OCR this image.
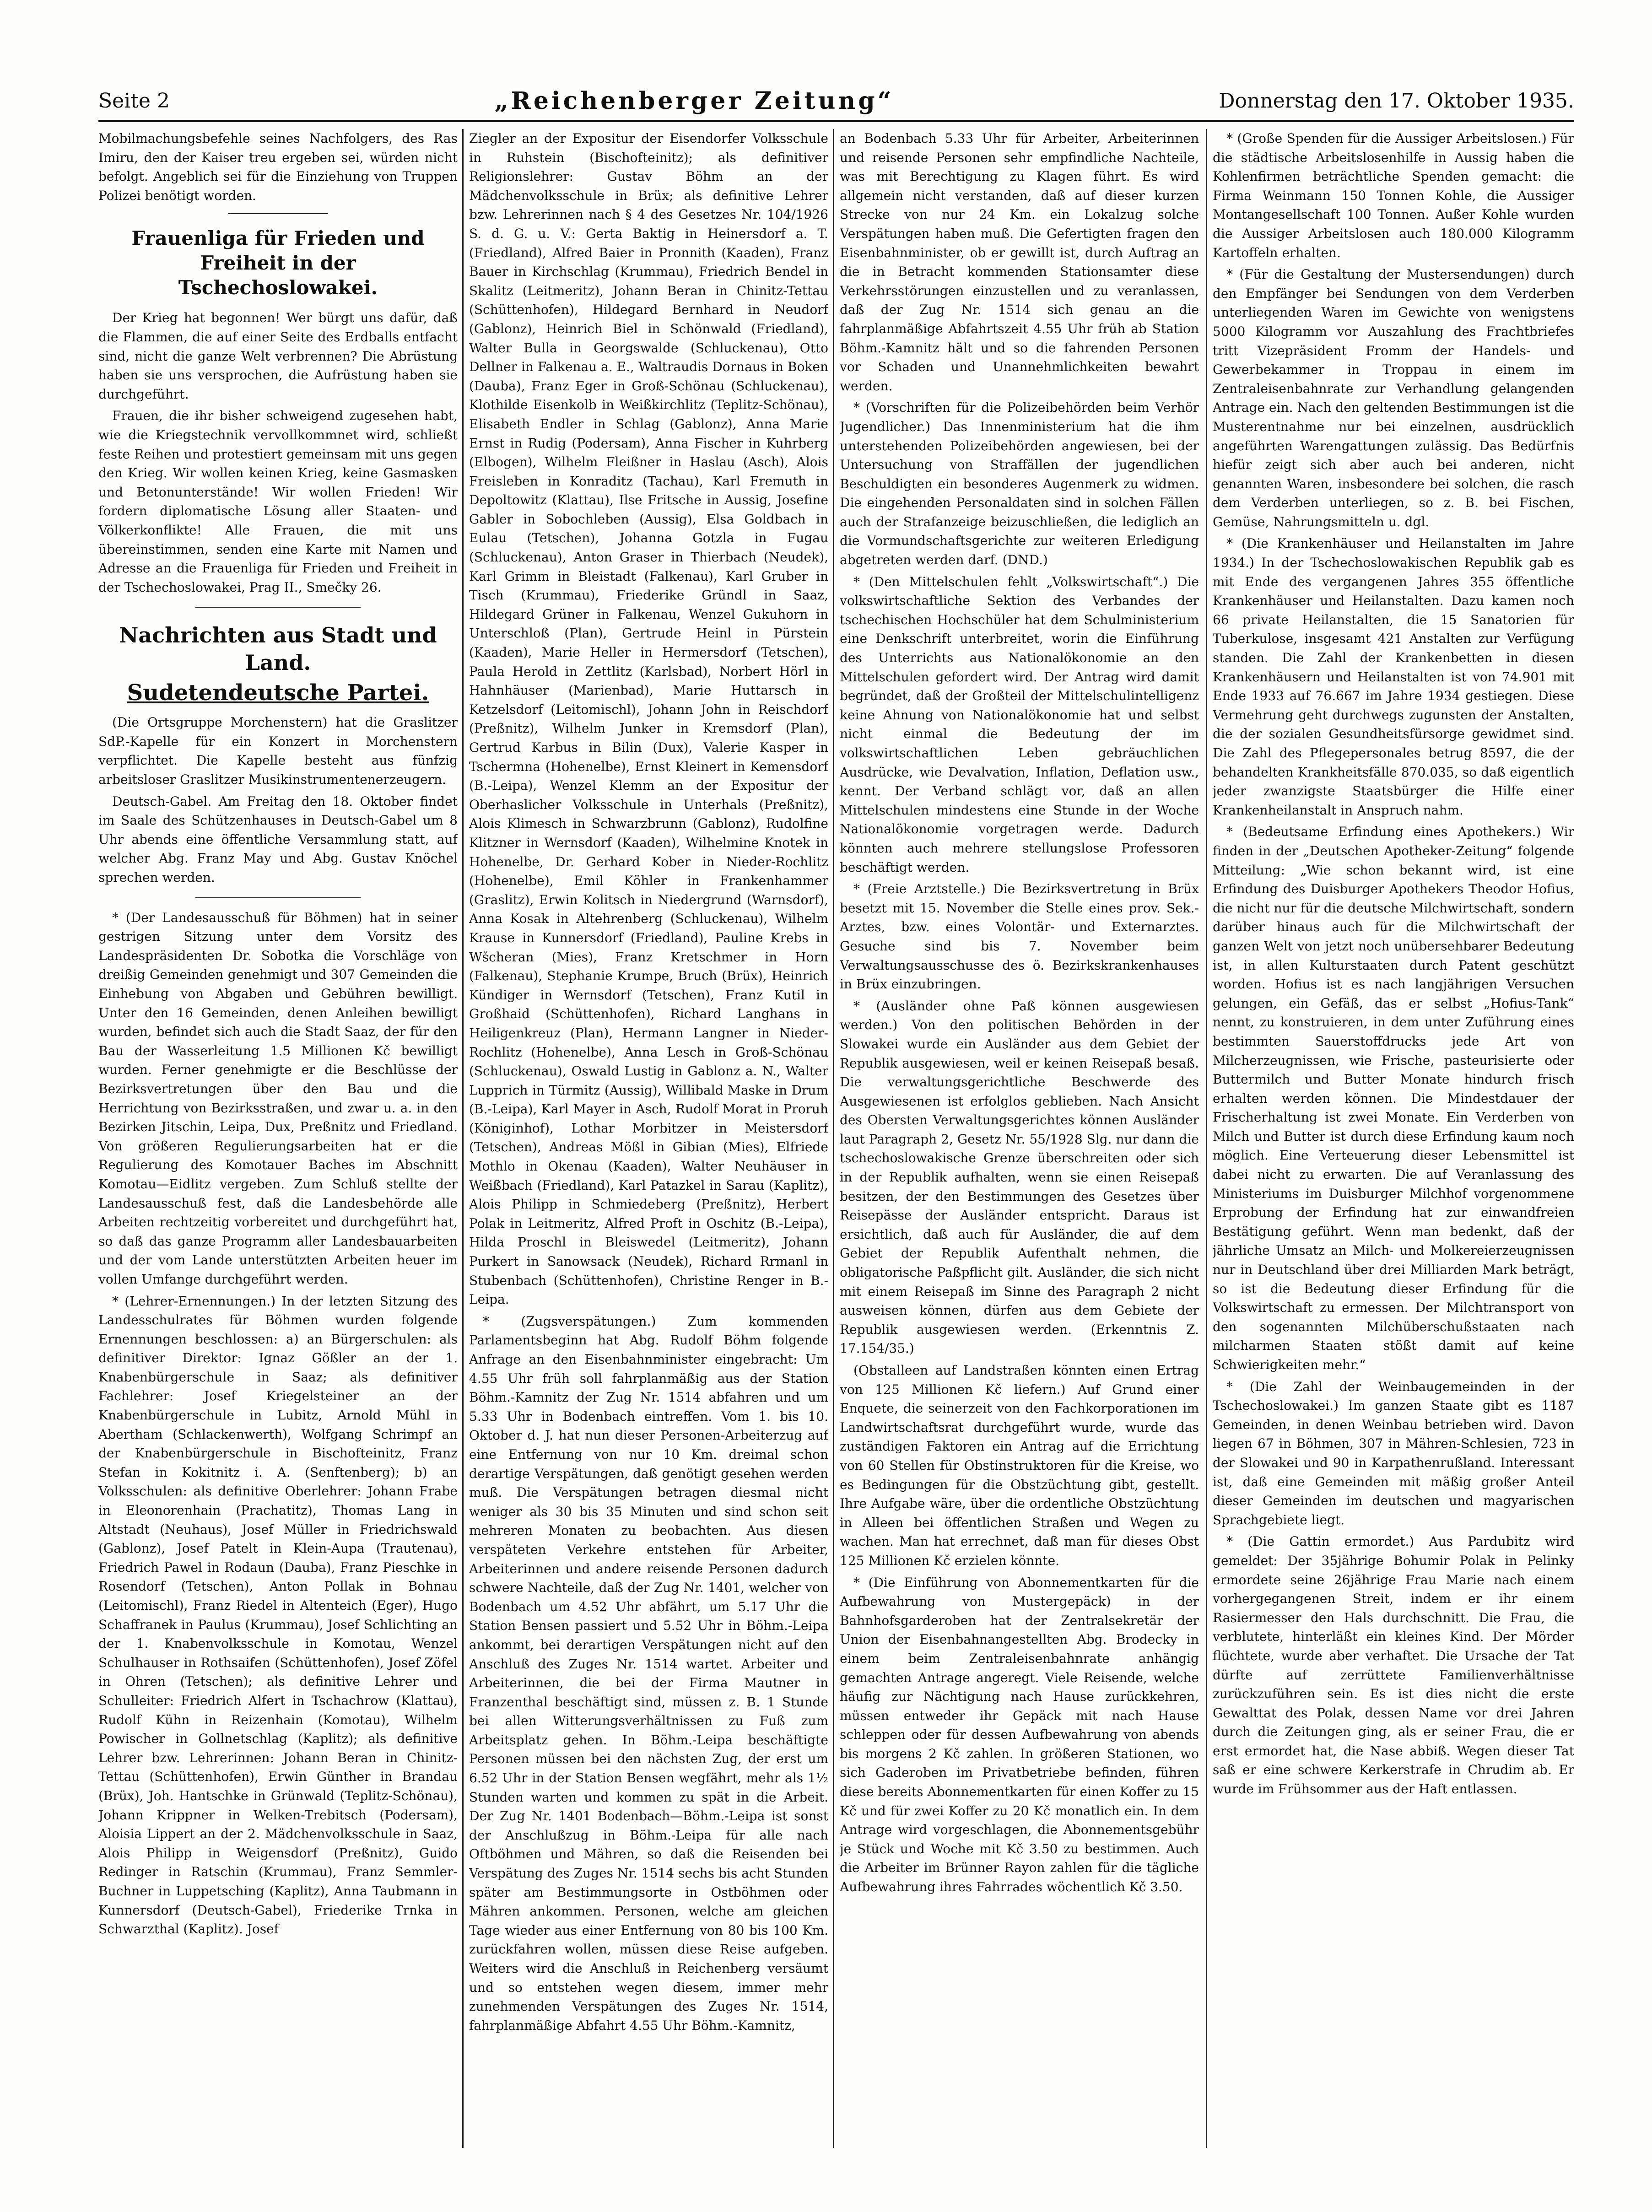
Seite 2	„Reichenberger Zeitung“	Donnerstag den 17. Oktober 1935.

Mobilmachungsbefehle seines Nachfolgers, des Ras Imiru, den der Kaiser treu ergeben sei, würden nicht befolgt. Angeblich sei für die Einziehung von Truppen Polizei benötigt worden.

Frauenliga für Frieden und Freiheit in der Tschechoslowakei.

Der Krieg hat begonnen! Wer bürgt uns dafür, daß die Flammen, die auf einer Seite des Erdballs entfacht sind, nicht die ganze Welt verbrennen? Die Abrüstung haben sie uns versprochen, die Aufrüstung haben sie durchgeführt.

Frauen, die ihr bisher schweigend zugesehen habt, wie die Kriegstechnik vervollkommnet wird, schließt feste Reihen und protestiert gemeinsam mit uns gegen den Krieg. Wir wollen keinen Krieg, keine Gasmasken und Betonunterstände! Wir wollen Frieden! Wir fordern diplomatische Lösung aller Staaten- und Völkerkonflikte! Alle Frauen, die mit uns übereinstimmen, senden eine Karte mit Namen und Adresse an die Frauenliga für Frieden und Freiheit in der Tschechoslowakei, Prag II., Smečky 26.

Nachrichten aus Stadt und Land.
Sudetendeutsche Partei.

(Die Ortsgruppe Morchenstern) hat die Graslitzer SdP.-Kapelle für ein Konzert in Morchenstern verpflichtet. Die Kapelle besteht aus fünfzig arbeitsloser Graslitzer Musikinstrumentenerzeugern.

Deutsch-Gabel. Am Freitag den 18. Oktober findet im Saale des Schützenhauses in Deutsch-Gabel um 8 Uhr abends eine öffentliche Versammlung statt, auf welcher Abg. Franz May und Abg. Gustav Knöchel sprechen werden.

* (Der Landesausschuß für Böhmen) hat in seiner gestrigen Sitzung unter dem Vorsitz des Landespräsidenten Dr. Sobotka die Vorschläge von dreißig Gemeinden genehmigt und 307 Gemeinden die Einhebung von Abgaben und Gebühren bewilligt. Unter den 16 Gemeinden, denen Anleihen bewilligt wurden, befindet sich auch die Stadt Saaz, der für den Bau der Wasserleitung 1.5 Millionen Kč bewilligt wurden. Ferner genehmigte er die Beschlüsse der Bezirksvertretungen über den Bau und die Herrichtung von Bezirksstraßen, und zwar u. a. in den Bezirken Jitschin, Leipa, Dux, Preßnitz und Friedland. Von größeren Regulierungsarbeiten hat er die Regulierung des Komotauer Baches im Abschnitt Komotau—Eidlitz vergeben. Zum Schluß stellte der Landesausschuß fest, daß die Landesbehörde alle Arbeiten rechtzeitig vorbereitet und durchgeführt hat, so daß das ganze Programm aller Landesbauarbeiten und der vom Lande unterstützten Arbeiten heuer im vollen Umfange durchgeführt werden.

* (Lehrer-Ernennungen.) In der letzten Sitzung des Landesschulrates für Böhmen wurden folgende Ernennungen beschlossen: a) an Bürgerschulen: als definitiver Direktor: Ignaz Gößler an der 1. Knabenbürgerschule in Saaz; als definitiver Fachlehrer: Josef Kriegelsteiner an der Knabenbürgerschule in Lubitz, Arnold Mühl in Abertham (Schlackenwerth), Wolfgang Schrimpf an der Knabenbürgerschule in Bischofteinitz, Franz Stefan in Kokitnitz i. A. (Senftenberg); b) an Volksschulen: als definitive Oberlehrer: Johann Frabe in Eleonorenhain (Prachatitz), Thomas Lang in Altstadt (Neuhaus), Josef Müller in Friedrichswald (Gablonz), Josef Patelt in Klein-Aupa (Trautenau), Friedrich Pawel in Rodaun (Dauba), Franz Pieschke in Rosendorf (Tetschen), Anton Pollak in Bohnau (Leitomischl), Franz Riedel in Altenteich (Eger), Hugo Schaffranek in Paulus (Krummau), Josef Schlichting an der 1. Knabenvolksschule in Komotau, Wenzel Schulhauser in Rothsaifen (Schüttenhofen), Josef Zöfel in Ohren (Tetschen); als definitive Lehrer und Schulleiter: Friedrich Alfert in Tschachrow (Klattau), Rudolf Kühn in Reizenhain (Komotau), Wilhelm Powischer in Gollnetschlag (Kaplitz); als definitive Lehrer bzw. Lehrerinnen: Johann Beran in Chinitz-Tettau (Schüttenhofen), Erwin Günther in Brandau (Brüx), Joh. Hantschke in Grünwald (Teplitz-Schönau), Johann Krippner in Welken-Trebitsch (Podersam), Aloisia Lippert an der 2. Mädchenvolksschule in Saaz, Alois Philipp in Weigensdorf (Preßnitz), Guido Redinger in Ratschin (Krummau), Franz Semmler-Buchner in Luppetsching (Kaplitz), Anna Taubmann in Kunnersdorf (Deutsch-Gabel), Friederike Trnka in Schwarzthal (Kaplitz). Josef

Ziegler an der Expositur der Eisendorfer Volksschule in Ruhstein (Bischofteinitz); als definitiver Religionslehrer: Gustav Böhm an der Mädchenvolksschule in Brüx; als definitive Lehrer bzw. Lehrerinnen nach § 4 des Gesetzes Nr. 104/1926 S. d. G. u. V.: Gerta Baktig in Heinersdorf a. T. (Friedland), Alfred Baier in Pronnith (Kaaden), Franz Bauer in Kirchschlag (Krummau), Friedrich Bendel in Skalitz (Leitmeritz), Johann Beran in Chinitz-Tettau (Schüttenhofen), Hildegard Bernhard in Neudorf (Gablonz), Heinrich Biel in Schönwald (Friedland), Walter Bulla in Georgswalde (Schluckenau), Otto Dellner in Falkenau a. E., Waltraudis Dornaus in Boken (Dauba), Franz Eger in Groß-Schönau (Schluckenau), Klothilde Eisenkolb in Weißkirchlitz (Teplitz-Schönau), Elisabeth Endler in Schlag (Gablonz), Anna Marie Ernst in Rudig (Podersam), Anna Fischer in Kuhrberg (Elbogen), Wilhelm Fleißner in Haslau (Asch), Alois Freisleben in Konraditz (Tachau), Karl Fremuth in Depoltowitz (Klattau), Ilse Fritsche in Aussig, Josefine Gabler in Sobochleben (Aussig), Elsa Goldbach in Eulau (Tetschen), Johanna Gotzla in Fugau (Schluckenau), Anton Graser in Thierbach (Neudek), Karl Grimm in Bleistadt (Falkenau), Karl Gruber in Tisch (Krummau), Friederike Gründl in Saaz, Hildegard Grüner in Falkenau, Wenzel Gukuhorn in Unterschloß (Plan), Gertrude Heinl in Pürstein (Kaaden), Marie Heller in Hermersdorf (Tetschen), Paula Herold in Zettlitz (Karlsbad), Norbert Hörl in Hahnhäuser (Marienbad), Marie Huttarsch in Ketzelsdorf (Leitomischl), Johann John in Reischdorf (Preßnitz), Wilhelm Junker in Kremsdorf (Plan), Gertrud Karbus in Bilin (Dux), Valerie Kasper in Tschermna (Hohenelbe), Ernst Kleinert in Kemensdorf (B.-Leipa), Wenzel Klemm an der Expositur der Oberhaslicher Volksschule in Unterhals (Preßnitz), Alois Klimesch in Schwarzbrunn (Gablonz), Rudolfine Klitzner in Wernsdorf (Kaaden), Wilhelmine Knotek in Hohenelbe, Dr. Gerhard Kober in Nieder-Rochlitz (Hohenelbe), Emil Köhler in Frankenhammer (Graslitz), Erwin Kolitsch in Niedergrund (Warnsdorf), Anna Kosak in Altehrenberg (Schluckenau), Wilhelm Krause in Kunnersdorf (Friedland), Pauline Krebs in Wšcheran (Mies), Franz Kretschmer in Horn (Falkenau), Stephanie Krumpe, Bruch (Brüx), Heinrich Kündiger in Wernsdorf (Tetschen), Franz Kutil in Großhaid (Schüttenhofen), Richard Langhans in Heiligenkreuz (Plan), Hermann Langner in Nieder-Rochlitz (Hohenelbe), Anna Lesch in Groß-Schönau (Schluckenau), Oswald Lustig in Gablonz a. N., Walter Lupprich in Türmitz (Aussig), Willibald Maske in Drum (B.-Leipa), Karl Mayer in Asch, Rudolf Morat in Proruh (Königinhof), Lothar Morbitzer in Meistersdorf (Tetschen), Andreas Mößl in Gibian (Mies), Elfriede Mothlo in Okenau (Kaaden), Walter Neuhäuser in Weißbach (Friedland), Karl Patazkel in Sarau (Kaplitz), Alois Philipp in Schmiedeberg (Preßnitz), Herbert Polak in Leitmeritz, Alfred Proft in Oschitz (B.-Leipa), Hilda Proschl in Bleiswedel (Leitmeritz), Johann Purkert in Sanowsack (Neudek), Richard Rrmanl in Stubenbach (Schüttenhofen), Christine Renger in B.-Leipa.

* (Zugsverspätungen.) Zum kommenden Parlamentsbeginn hat Abg. Rudolf Böhm folgende Anfrage an den Eisenbahnminister eingebracht: Um 4.55 Uhr früh soll fahrplanmäßig aus der Station Böhm.-Kamnitz der Zug Nr. 1514 abfahren und um 5.33 Uhr in Bodenbach eintreffen. Vom 1. bis 10. Oktober d. J. hat nun dieser Personen-Arbeiterzug auf eine Entfernung von nur 10 Km. dreimal schon derartige Verspätungen, daß genötigt gesehen werden muß. Die Verspätungen betragen diesmal nicht weniger als 30 bis 35 Minuten und sind schon seit mehreren Monaten zu beobachten. Aus diesen verspäteten Verkehre entstehen für Arbeiter, Arbeiterinnen und andere reisende Personen dadurch schwere Nachteile, daß der Zug Nr. 1401, welcher von Bodenbach um 4.52 Uhr abfährt, um 5.17 Uhr die Station Bensen passiert und 5.52 Uhr in Böhm.-Leipa ankommt, bei derartigen Verspätungen nicht auf den Anschluß des Zuges Nr. 1514 wartet. Arbeiter und Arbeiterinnen, die bei der Firma Mautner in Franzenthal beschäftigt sind, müssen z. B. 1 Stunde bei allen Witterungsverhältnissen zu Fuß zum Arbeitsplatz gehen. In Böhm.-Leipa beschäftigte Personen müssen bei den nächsten Zug, der erst um 6.52 Uhr in der Station Bensen wegfährt, mehr als 1½ Stunden warten und kommen zu spät in die Arbeit. Der Zug Nr. 1401 Bodenbach—Böhm.-Leipa ist sonst der Anschlußzug in Böhm.-Leipa für alle nach Oftböhmen und Mähren, so daß die Reisenden bei Verspätung des Zuges Nr. 1514 sechs bis acht Stunden später am Bestimmungsorte in Ostböhmen oder Mähren ankommen. Personen, welche am gleichen Tage wieder aus einer Entfernung von 80 bis 100 Km. zurückfahren wollen, müssen diese Reise aufgeben. Weiters wird die Anschluß in Reichenberg versäumt und so entstehen wegen diesem, immer mehr zunehmenden Verspätungen des Zuges Nr. 1514, fahrplanmäßige Abfahrt 4.55 Uhr Böhm.-Kamnitz,

an Bodenbach 5.33 Uhr für Arbeiter, Arbeiterinnen und reisende Personen sehr empfindliche Nachteile, was mit Berechtigung zu Klagen führt. Es wird allgemein nicht verstanden, daß auf dieser kurzen Strecke von nur 24 Km. ein Lokalzug solche Verspätungen haben muß. Die Gefertigten fragen den Eisenbahnminister, ob er gewillt ist, durch Auftrag an die in Betracht kommenden Stationsamter diese Verkehrsstörungen einzustellen und zu veranlassen, daß der Zug Nr. 1514 sich genau an die fahrplanmäßige Abfahrtszeit 4.55 Uhr früh ab Station Böhm.-Kamnitz hält und so die fahrenden Personen vor Schaden und Unannehmlichkeiten bewahrt werden.

* (Vorschriften für die Polizeibehörden beim Verhör Jugendlicher.) Das Innenministerium hat die ihm unterstehenden Polizeibehörden angewiesen, bei der Untersuchung von Straffällen der jugendlichen Beschuldigten ein besonderes Augenmerk zu widmen. Die eingehenden Personaldaten sind in solchen Fällen auch der Strafanzeige beizuschließen, die lediglich an die Vormundschaftsgerichte zur weiteren Erledigung abgetreten werden darf. (DND.)

* (Den Mittelschulen fehlt „Volkswirtschaft“.) Die volkswirtschaftliche Sektion des Verbandes der tschechischen Hochschüler hat dem Schulministerium eine Denkschrift unterbreitet, worin die Einführung des Unterrichts aus Nationalökonomie an den Mittelschulen gefordert wird. Der Antrag wird damit begründet, daß der Großteil der Mittelschulintelligenz keine Ahnung von Nationalökonomie hat und selbst nicht einmal die Bedeutung der im volkswirtschaftlichen Leben gebräuchlichen Ausdrücke, wie Devalvation, Inflation, Deflation usw., kennt. Der Verband schlägt vor, daß an allen Mittelschulen mindestens eine Stunde in der Woche Nationalökonomie vorgetragen werde. Dadurch könnten auch mehrere stellungslose Professoren beschäftigt werden.

* (Freie Arztstelle.) Die Bezirksvertretung in Brüx besetzt mit 15. November die Stelle eines prov. Sek.-Arztes, bzw. eines Volontär- und Externarztes. Gesuche sind bis 7. November beim Verwaltungsausschusse des ö. Bezirkskrankenhauses in Brüx einzubringen.

* (Ausländer ohne Paß können ausgewiesen werden.) Von den politischen Behörden in der Slowakei wurde ein Ausländer aus dem Gebiet der Republik ausgewiesen, weil er keinen Reisepaß besaß. Die verwaltungsgerichtliche Beschwerde des Ausgewiesenen ist erfolglos geblieben. Nach Ansicht des Obersten Verwaltungsgerichtes können Ausländer laut Paragraph 2, Gesetz Nr. 55/1928 Slg. nur dann die tschechoslowakische Grenze überschreiten oder sich in der Republik aufhalten, wenn sie einen Reisepaß besitzen, der den Bestimmungen des Gesetzes über Reisepässe der Ausländer entspricht. Daraus ist ersichtlich, daß auch für Ausländer, die auf dem Gebiet der Republik Aufenthalt nehmen, die obligatorische Paßpflicht gilt. Ausländer, die sich nicht mit einem Reisepaß im Sinne des Paragraph 2 nicht ausweisen können, dürfen aus dem Gebiete der Republik ausgewiesen werden. (Erkenntnis Z. 17.154/35.)

(Obstalleen auf Landstraßen könnten einen Ertrag von 125 Millionen Kč liefern.) Auf Grund einer Enquete, die seinerzeit von den Fachkorporationen im Landwirtschaftsrat durchgeführt wurde, wurde das zuständigen Faktoren ein Antrag auf die Errichtung von 60 Stellen für Obstinstruktoren für die Kreise, wo es Bedingungen für die Obstzüchtung gibt, gestellt. Ihre Aufgabe wäre, über die ordentliche Obstzüchtung in Alleen bei öffentlichen Straßen und Wegen zu wachen. Man hat errechnet, daß man für dieses Obst 125 Millionen Kč erzielen könnte.

* (Die Einführung von Abonnementkarten für die Aufbewahrung von Mustergepäck) in der Bahnhofsgarderoben hat der Zentralsekretär der Union der Eisenbahnangestellten Abg. Brodecky in einem beim Zentraleisenbahnrate anhängig gemachten Antrage angeregt. Viele Reisende, welche häufig zur Nächtigung nach Hause zurückkehren, müssen entweder ihr Gepäck mit nach Hause schleppen oder für dessen Aufbewahrung von abends bis morgens 2 Kč zahlen. In größeren Stationen, wo sich Gaderoben im Privatbetriebe befinden, führen diese bereits Abonnementkarten für einen Koffer zu 15 Kč und für zwei Koffer zu 20 Kč monatlich ein. In dem Antrage wird vorgeschlagen, die Abonnementsgebühr je Stück und Woche mit Kč 3.50 zu bestimmen. Auch die Arbeiter im Brünner Rayon zahlen für die tägliche Aufbewahrung ihres Fahrrades wöchentlich Kč 3.50.

* (Große Spenden für die Aussiger Arbeitslosen.) Für die städtische Arbeitslosenhilfe in Aussig haben die Kohlenfirmen beträchtliche Spenden gemacht: die Firma Weinmann 150 Tonnen Kohle, die Aussiger Montangesellschaft 100 Tonnen. Außer Kohle wurden die Aussiger Arbeitslosen auch 180.000 Kilogramm Kartoffeln erhalten.

* (Für die Gestaltung der Mustersendungen) durch den Empfänger bei Sendungen von dem Verderben unterliegenden Waren im Gewichte von wenigstens 5000 Kilogramm vor Auszahlung des Frachtbriefes tritt Vizepräsident Fromm der Handels- und Gewerbekammer in Troppau in einem im Zentraleisenbahnrate zur Verhandlung gelangenden Antrage ein. Nach den geltenden Bestimmungen ist die Musterentnahme nur bei einzelnen, ausdrücklich angeführten Warengattungen zulässig. Das Bedürfnis hiefür zeigt sich aber auch bei anderen, nicht genannten Waren, insbesondere bei solchen, die rasch dem Verderben unterliegen, so z. B. bei Fischen, Gemüse, Nahrungsmitteln u. dgl.

* (Die Krankenhäuser und Heilanstalten im Jahre 1934.) In der Tschechoslowakischen Republik gab es mit Ende des vergangenen Jahres 355 öffentliche Krankenhäuser und Heilanstalten. Dazu kamen noch 66 private Heilanstalten, die 15 Sanatorien für Tuberkulose, insgesamt 421 Anstalten zur Verfügung standen. Die Zahl der Krankenbetten in diesen Krankenhäusern und Heilanstalten ist von 74.901 mit Ende 1933 auf 76.667 im Jahre 1934 gestiegen. Diese Vermehrung geht durchwegs zugunsten der Anstalten, die der sozialen Gesundheitsfürsorge gewidmet sind. Die Zahl des Pflegepersonales betrug 8597, die der behandelten Krankheitsfälle 870.035, so daß eigentlich jeder zwanzigste Staatsbürger die Hilfe einer Krankenheilanstalt in Anspruch nahm.

* (Bedeutsame Erfindung eines Apothekers.) Wir finden in der „Deutschen Apotheker-Zeitung“ folgende Mitteilung: „Wie schon bekannt wird, ist eine Erfindung des Duisburger Apothekers Theodor Hofius, die nicht nur für die deutsche Milchwirtschaft, sondern darüber hinaus auch für die Milchwirtschaft der ganzen Welt von jetzt noch unübersehbarer Bedeutung ist, in allen Kulturstaaten durch Patent geschützt worden. Hofius ist es nach langjährigen Versuchen gelungen, ein Gefäß, das er selbst „Hofius-Tank“ nennt, zu konstruieren, in dem unter Zuführung eines bestimmten Sauerstoffdrucks jede Art von Milcherzeugnissen, wie Frische, pasteurisierte oder Buttermilch und Butter Monate hindurch frisch erhalten werden können. Die Mindestdauer der Frischerhaltung ist zwei Monate. Ein Verderben von Milch und Butter ist durch diese Erfindung kaum noch möglich. Eine Verteuerung dieser Lebensmittel ist dabei nicht zu erwarten. Die auf Veranlassung des Ministeriums im Duisburger Milchhof vorgenommene Erprobung der Erfindung hat zur einwandfreien Bestätigung geführt. Wenn man bedenkt, daß der jährliche Umsatz an Milch- und Molkereierzeugnissen nur in Deutschland über drei Milliarden Mark beträgt, so ist die Bedeutung dieser Erfindung für die Volkswirtschaft zu ermessen. Der Milchtransport von den sogenannten Milchüberschußstaaten nach milcharmen Staaten stößt damit auf keine Schwierigkeiten mehr.“

* (Die Zahl der Weinbaugemeinden in der Tschechoslowakei.) Im ganzen Staate gibt es 1187 Gemeinden, in denen Weinbau betrieben wird. Davon liegen 67 in Böhmen, 307 in Mähren-Schlesien, 723 in der Slowakei und 90 in Karpathenrußland. Interessant ist, daß eine Gemeinden mit mäßig großer Anteil dieser Gemeinden im deutschen und magyarischen Sprachgebiete liegt.

* (Die Gattin ermordet.) Aus Pardubitz wird gemeldet: Der 35jährige Bohumir Polak in Pelinky ermordete seine 26jährige Frau Marie nach einem vorhergegangenen Streit, indem er ihr einem Rasiermesser den Hals durchschnitt. Die Frau, die verblutete, hinterläßt ein kleines Kind. Der Mörder flüchtete, wurde aber verhaftet. Die Ursache der Tat dürfte auf zerrüttete Familienverhältnisse zurückzuführen sein. Es ist dies nicht die erste Gewalttat des Polak, dessen Name vor drei Jahren durch die Zeitungen ging, als er seiner Frau, die er erst ermordet hat, die Nase abbiß. Wegen dieser Tat saß er eine schwere Kerkerstrafe in Chrudim ab. Er wurde im Frühsommer aus der Haft entlassen.
